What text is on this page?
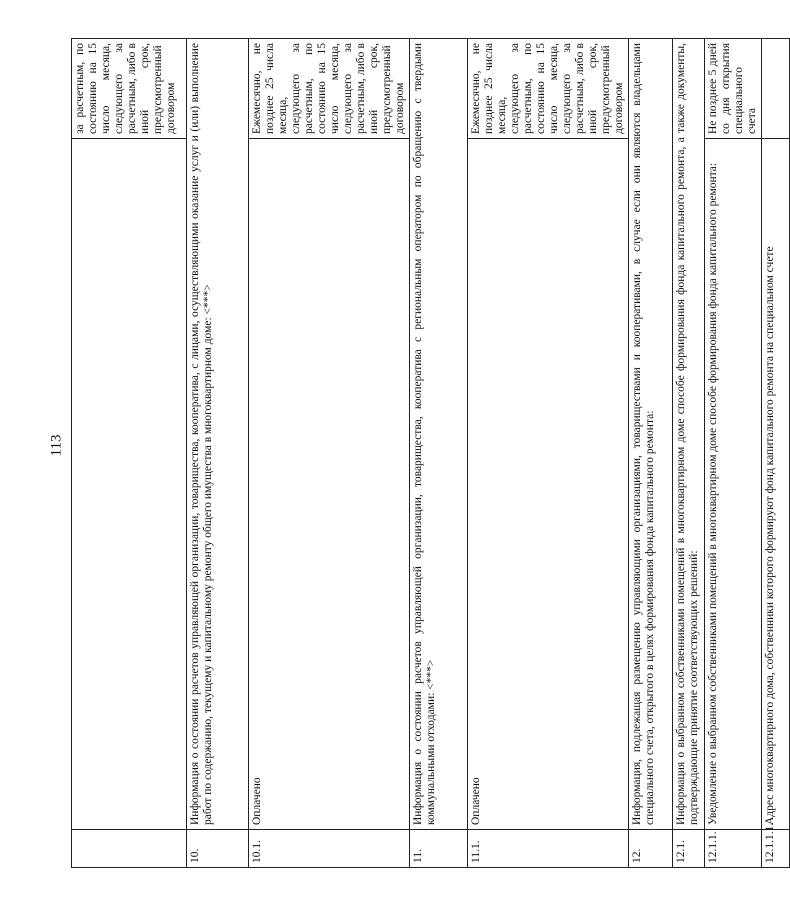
113
		за расчетным, по состоянию на 15 число месяца, следующего за расчетным, либо в иной срок, предусмотренный договором
10.	Информация о состоянии расчетов управляющей организации, товарищества, кооператива, с лицами, осуществляющими оказание услуг и (или) выполнение работ по содержанию, текущему и капитальному ремонту общего имущества в многоквартирном доме: <***>	
10.1.	Оплачено	Ежемесячно, не позднее 25 числа месяца, следующего за расчетным, по состоянию на 15 число месяца, следующего за расчетным, либо в иной срок, предусмотренный договором
11.	Информация о состоянии расчетов управляющей организации, товарищества, кооператива с региональным оператором по обращению с твердыми коммунальными отходами: <***>	
11.1.	Оплачено	Ежемесячно, не позднее 25 числа месяца, следующего за расчетным, по состоянию на 15 число месяца, следующего за расчетным, либо в иной срок, предусмотренный договором
12.	Информация, подлежащая размещению управляющими организациями, товариществами и кооперативами, в случае если они являются владельцами специального счета, открытого в целях формирования фонда капитального ремонта:	
12.1.	Информация о выбранном собственниками помещений в многоквартирном доме способе формирования фонда капитального ремонта, а также документы, подтверждающие принятие соответствующих решений:	
12.1.1.	Уведомление о выбранном собственниками помещений в многоквартирном доме способе формирования фонда капитального ремонта:	Не позднее 5 дней со дня открытия специального счета
12.1.1.1.	Адрес многоквартирного дома, собственники которого формируют фонд капитального ремонта на специальном счете	
